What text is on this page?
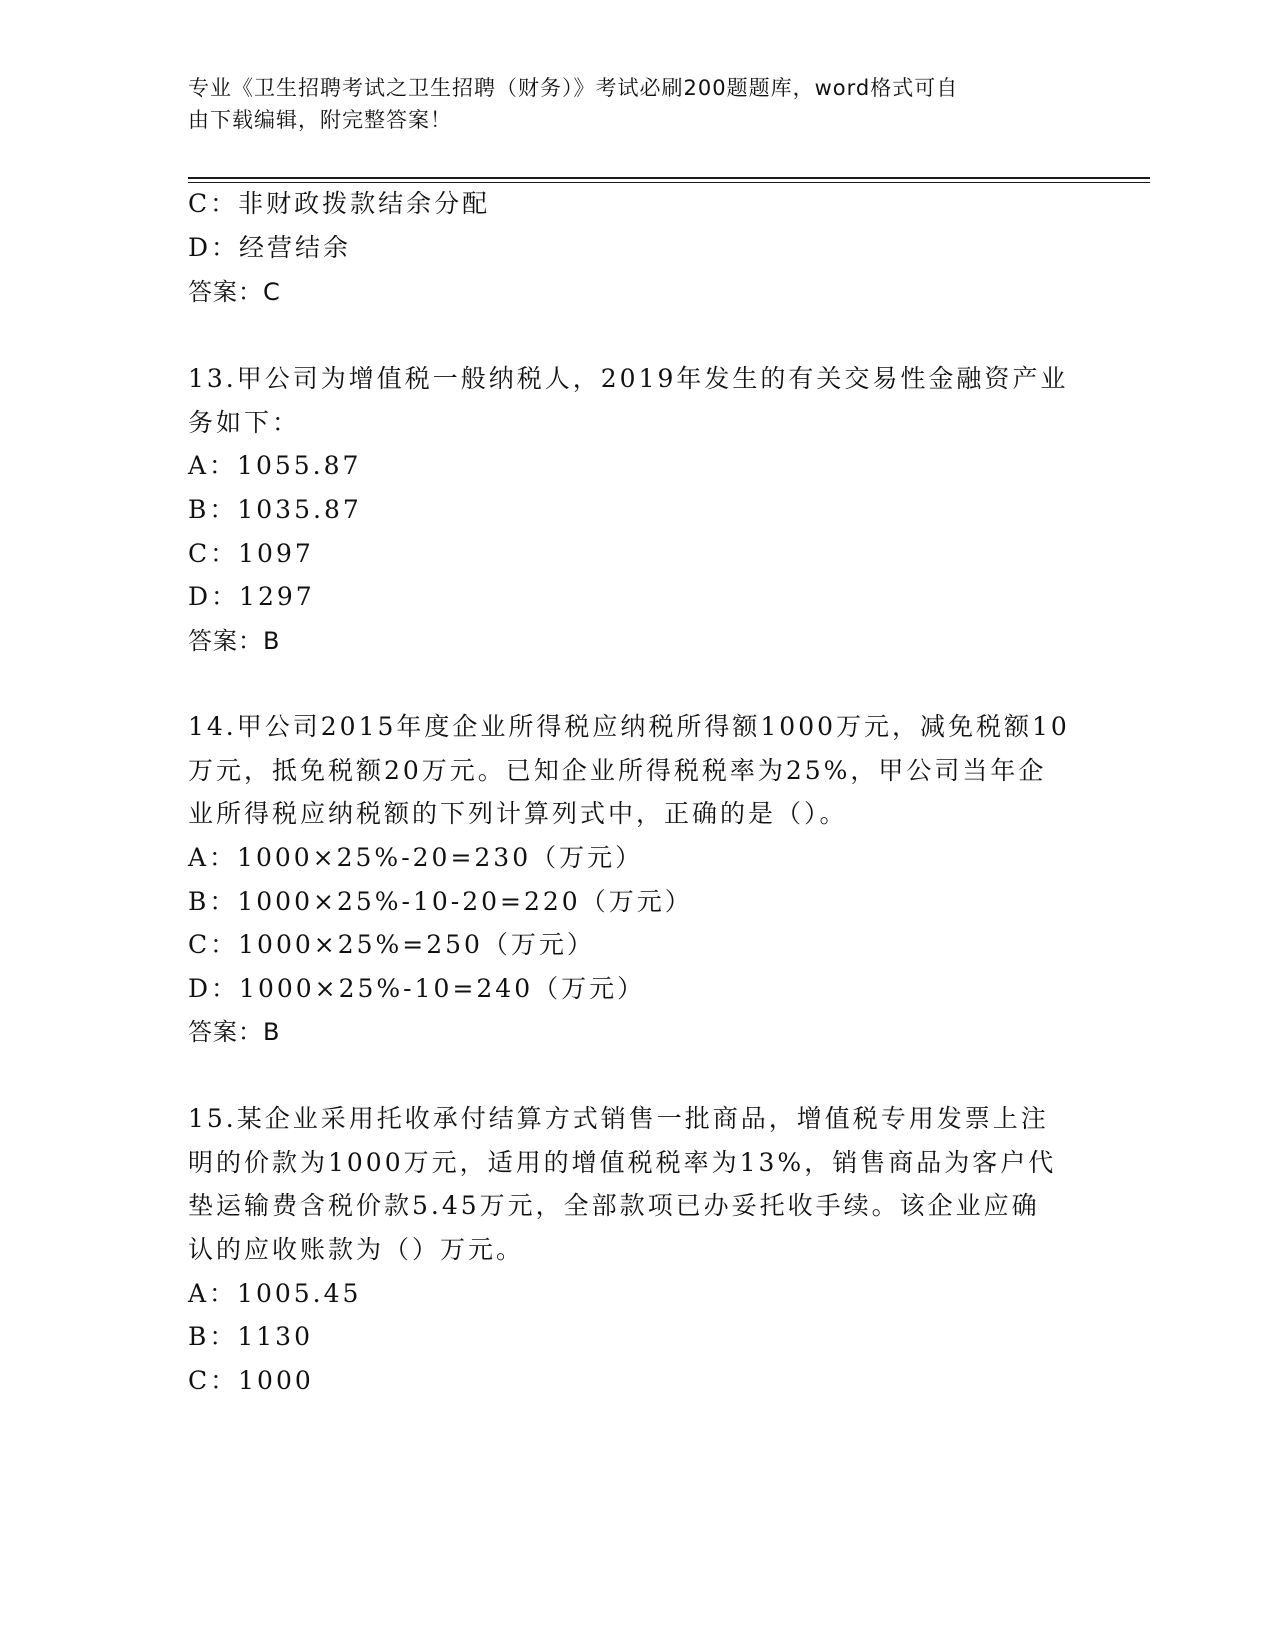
专业《卫生招聘考试之卫生招聘（财务）》考试必刷200题题库，word格式可自
由下载编辑，附完整答案！
C：非财政拨款结余分配
D：经营结余
答案：C
13.甲公司为增值税一般纳税人，2019年发生的有关交易性金融资产业
务如下：
A：1055.87
B：1035.87
C：1097
D：1297
答案：B
14.甲公司2015年度企业所得税应纳税所得额1000万元，减免税额10
万元，抵免税额20万元。已知企业所得税税率为25%，甲公司当年企
业所得税应纳税额的下列计算列式中，正确的是（）。
A：1000×25%-20=230（万元）
B：1000×25%-10-20=220（万元）
C：1000×25%=250（万元）
D：1000×25%-10=240（万元）
答案：B
15.某企业采用托收承付结算方式销售一批商品，增值税专用发票上注
明的价款为1000万元，适用的增值税税率为13%，销售商品为客户代
垫运输费含税价款5.45万元，全部款项已办妥托收手续。该企业应确
认的应收账款为（）万元。
A：1005.45
B：1130
C：1000
